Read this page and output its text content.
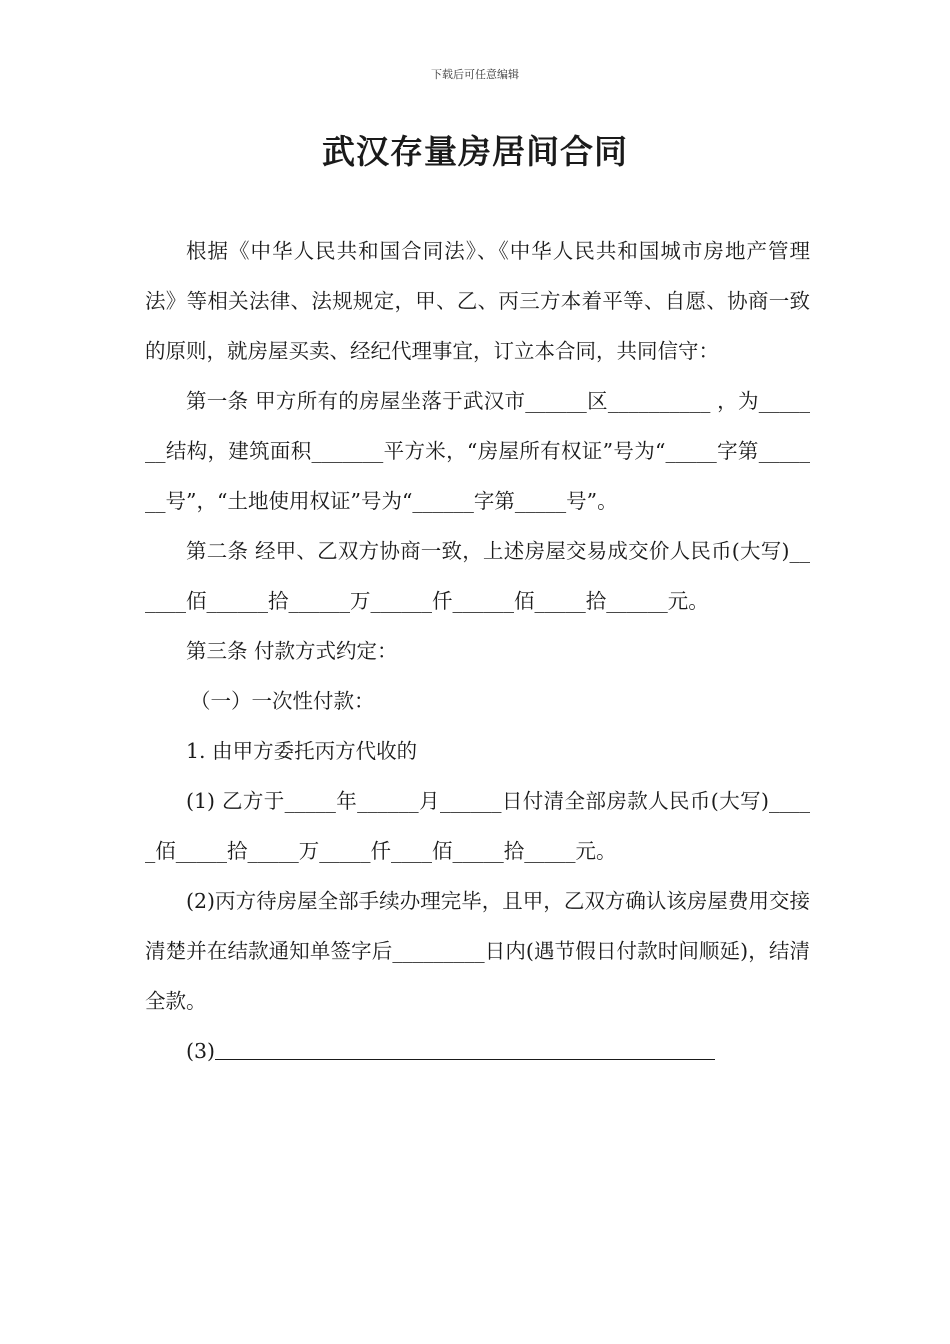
下载后可任意编辑
武汉存量房居间合同

根据《中华人民共和国合同法》、《中华人民共和国城市房地产管理法》等相关法律、法规规定，甲、乙、丙三方本着平等、自愿、协商一致的原则，就房屋买卖、经纪代理事宜，订立本合同，共同信守：

第一条 甲方所有的房屋坐落于武汉市______区__________ ，为_______结构，建筑面积_______平方米，“房屋所有权证”号为“_____字第_______号”，“土地使用权证”号为“______字第_____号”。

第二条 经甲、乙双方协商一致，上述房屋交易成交价人民币(大写)______佰______拾______万______仟______佰_____拾______元。

第三条 付款方式约定：

（一）一次性付款：

1. 由甲方委托丙方代收的

(1) 乙方于_____年______月______日付清全部房款人民币(大写)_____佰_____拾_____万_____仟____佰_____拾_____元。

(2)丙方待房屋全部手续办理完毕，且甲，乙双方确认该房屋费用交接清楚并在结款通知单签字后_________日内(遇节假日付款时间顺延)，结清全款。

(3)
